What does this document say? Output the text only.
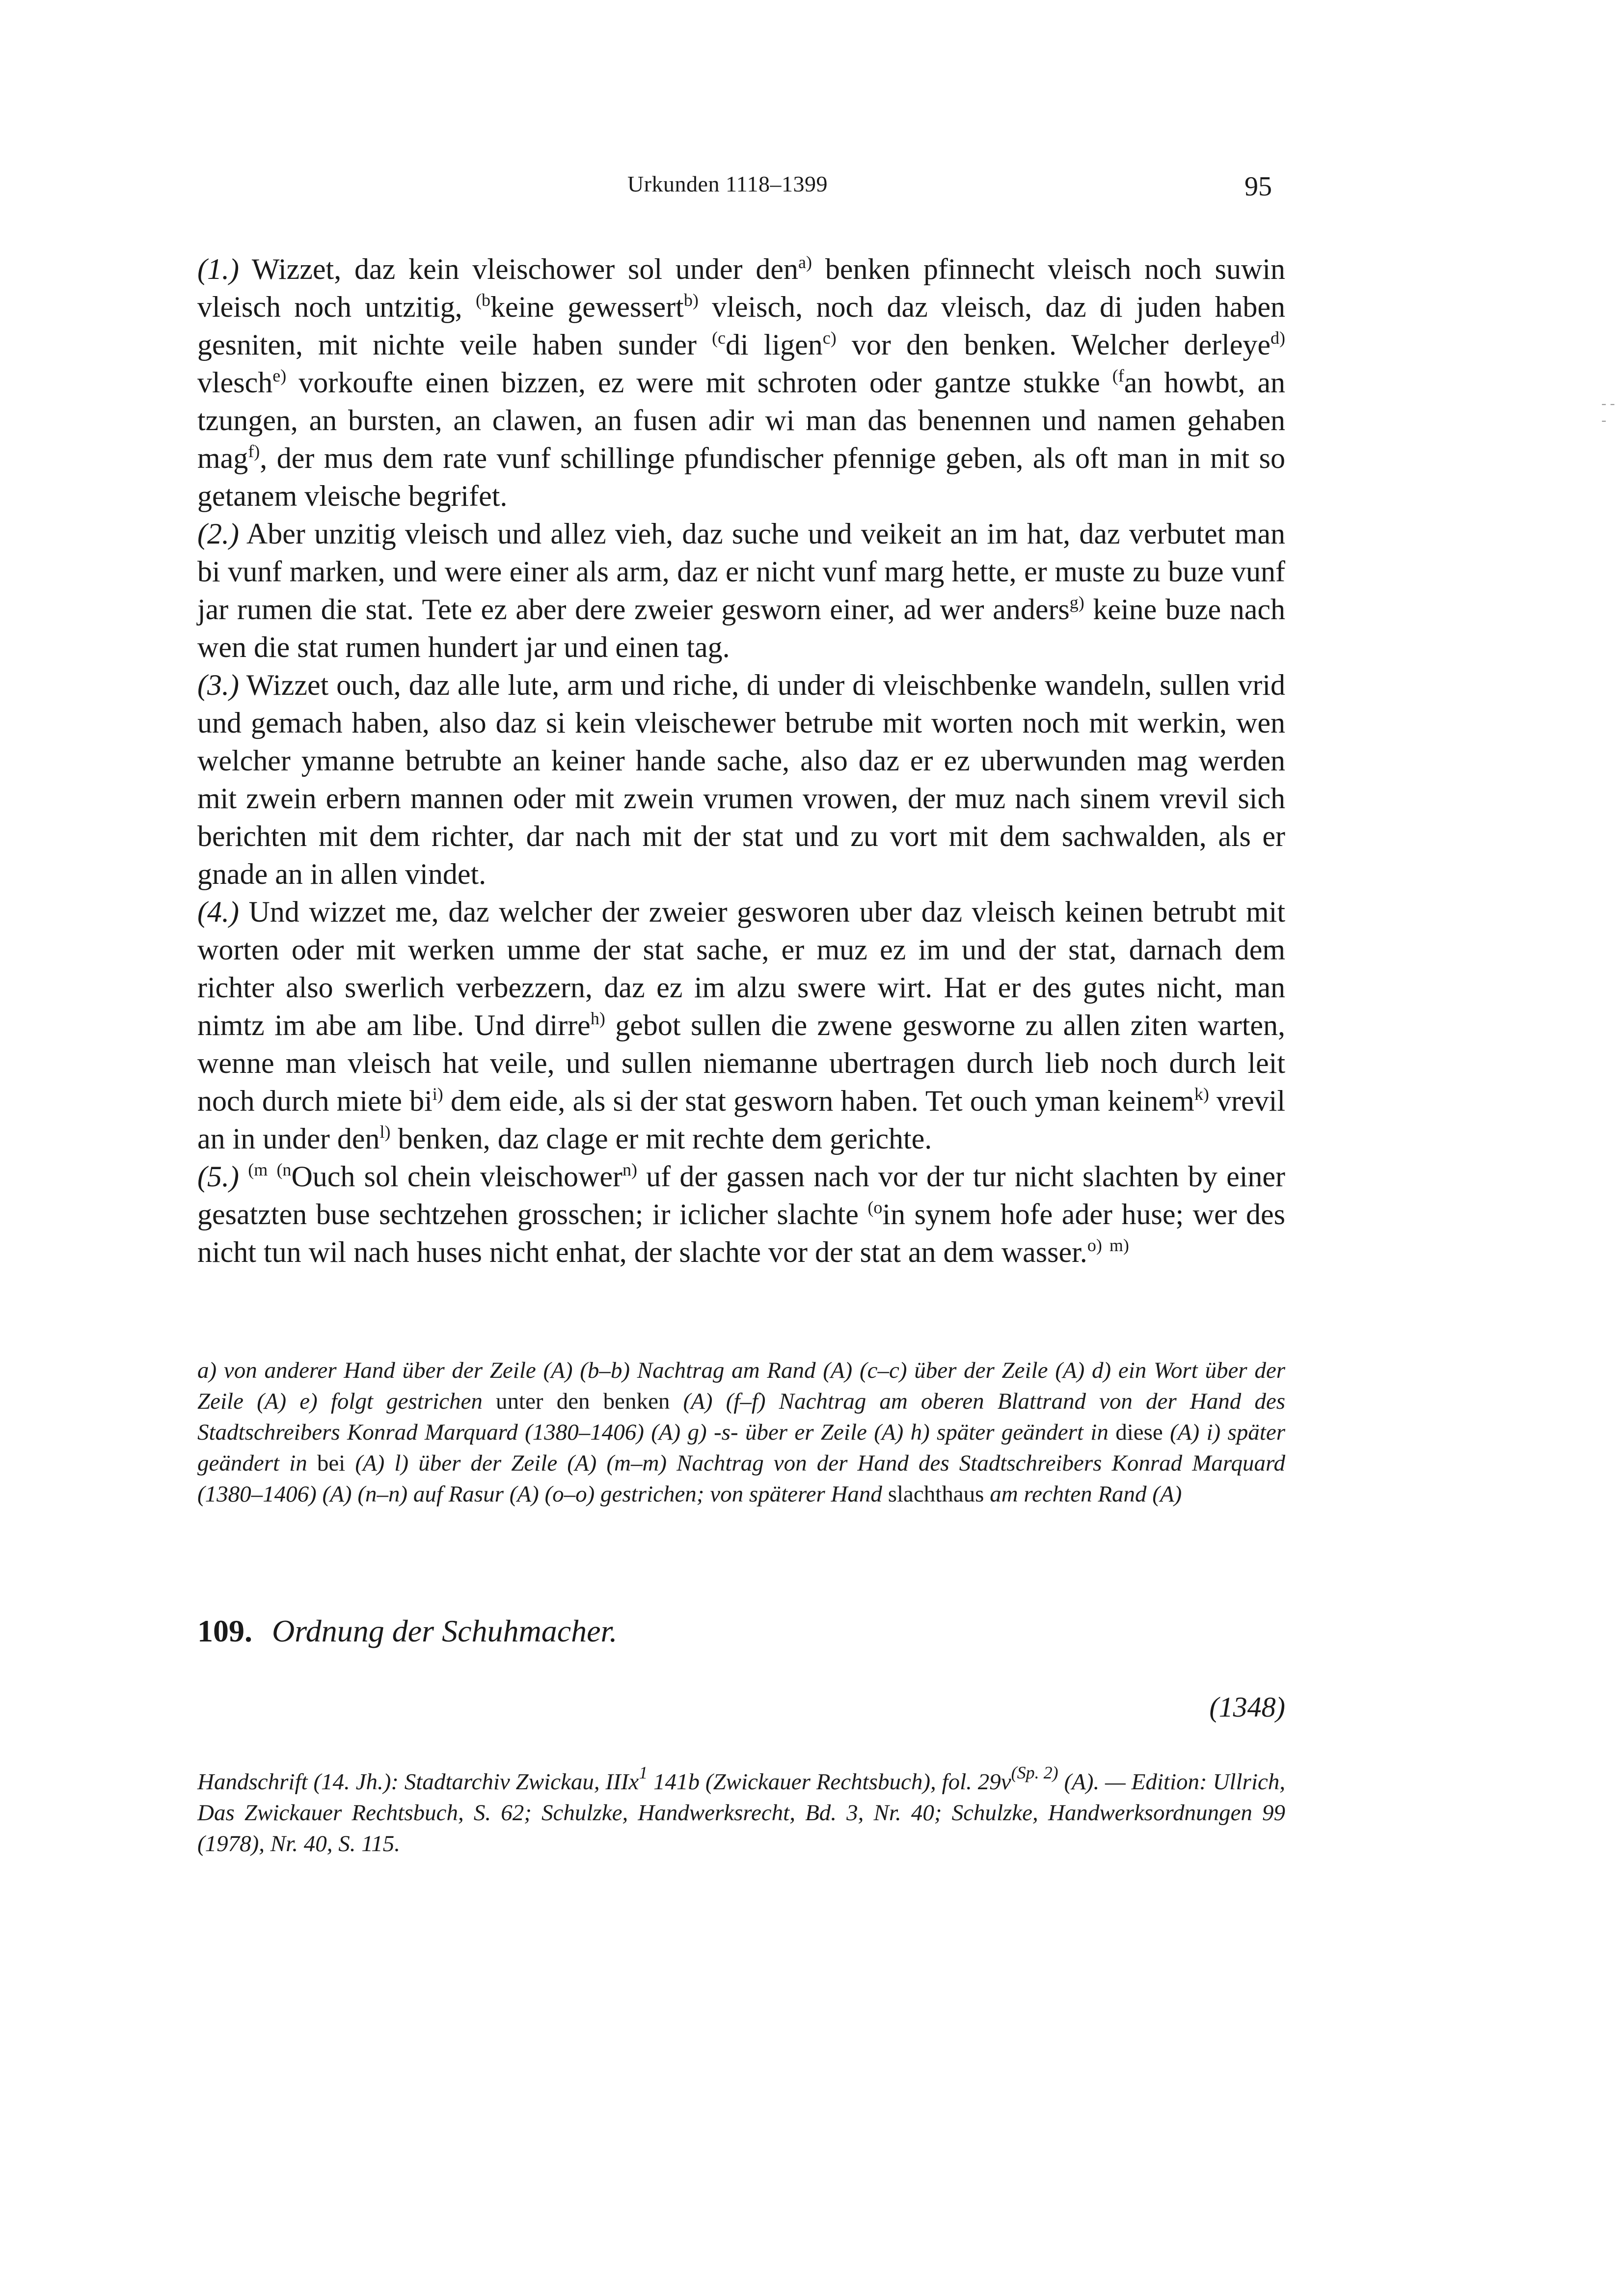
Urkunden 1118–1399	95
- - -

(1.) Wizzet, daz kein vleischower sol under den$^{a)}$ benken pfinnecht vleisch noch suwin vleisch noch untzitig, $^{(b}$keine gewessert$^{b)}$ vleisch, noch daz vleisch, daz di juden haben gesniten, mit nichte veile haben sunder $^{(c}$di ligen$^{c)}$ vor den benken. Welcher derleye$^{d)}$ vlesch$^{e)}$ vorkoufte einen bizzen, ez were mit schroten oder gantze stukke $^{(f}$an howbt, an tzungen, an bursten, an clawen, an fusen adir wi man das benennen und namen gehaben mag$^{f)}$, der mus dem rate vunf schillinge pfundischer pfennige geben, als oft man in mit so getanem vleische begrifet.

(2.) Aber unzitig vleisch und allez vieh, daz suche und veikeit an im hat, daz verbutet man bi vunf marken, und were einer als arm, daz er nicht vunf marg hette, er muste zu buze vunf jar rumen die stat. Tete ez aber dere zweier gesworn einer, ad wer anders$^{g)}$ keine buze nach wen die stat rumen hundert jar und einen tag.

(3.) Wizzet ouch, daz alle lute, arm und riche, di under di vleischbenke wandeln, sullen vrid und gemach haben, also daz si kein vleischewer betrube mit worten noch mit werkin, wen welcher ymanne betrubte an keiner hande sache, also daz er ez uberwunden mag werden mit zwein erbern mannen oder mit zwein vrumen vrowen, der muz nach sinem vrevil sich berichten mit dem richter, dar nach mit der stat und zu vort mit dem sachwalden, als er gnade an in allen vindet.

(4.) Und wizzet me, daz welcher der zweier gesworen uber daz vleisch keinen betrubt mit worten oder mit werken umme der stat sache, er muz ez im und der stat, darnach dem richter also swerlich verbezzern, daz ez im alzu swere wirt. Hat er des gutes nicht, man nimtz im abe am libe. Und dirre$^{h)}$ gebot sullen die zwene gesworne zu allen ziten warten, wenne man vleisch hat veile, und sullen niemanne ubertragen durch lieb noch durch leit noch durch miete $bi^{i)}$ dem eide, als si der stat gesworn haben. Tet ouch yman keinem$^{k)}$ vrevil an in under den$^{l)}$ benken, daz clage er mit rechte dem gerichte.

(5.) $^{(m}$ $^{(n}$Ouch sol chein vleischower$^{n)}$ uf der gassen nach vor der tur nicht slachten by einer gesatzten buse sechtzehen grosschen; ir iclicher slachte $^{(o}$in synem hofe ader huse; wer des nicht tun wil nach huses nicht enhat, der slachte vor der stat an dem wasser.$^{o)}$ $^{m)}$

a) von anderer Hand über der Zeile (A) (b–b) Nachtrag am Rand (A) (c–c) über der Zeile (A) d) ein Wort über der Zeile (A) e) folgt gestrichen unter den benken (A) (f–f) Nachtrag am oberen Blattrand von der Hand des Stadtschreibers Konrad Marquard (1380–1406) (A) g) -s- über er Zeile (A) h) später geändert in diese (A) i) später geändert in bei (A) l) über der Zeile (A) (m–m) Nachtrag von der Hand des Stadtschreibers Konrad Marquard (1380–1406) (A) (n–n) auf Rasur (A) (o–o) gestrichen; von späterer Hand slachthaus am rechten Rand (A)

109. Ordnung der Schuhmacher.
(1348)

Handschrift (14. Jh.): Stadtarchiv Zwickau, IIIx$^1$ 141b (Zwickauer Rechtsbuch), fol. $29v^{(Sp. 2)}$ (A). — Edition: Ullrich, Das Zwickauer Rechtsbuch, S. 62; Schulzke, Handwerksrecht, Bd. 3, Nr. 40; Schulzke, Handwerksordnungen 99 (1978), Nr. 40, S. 115.
